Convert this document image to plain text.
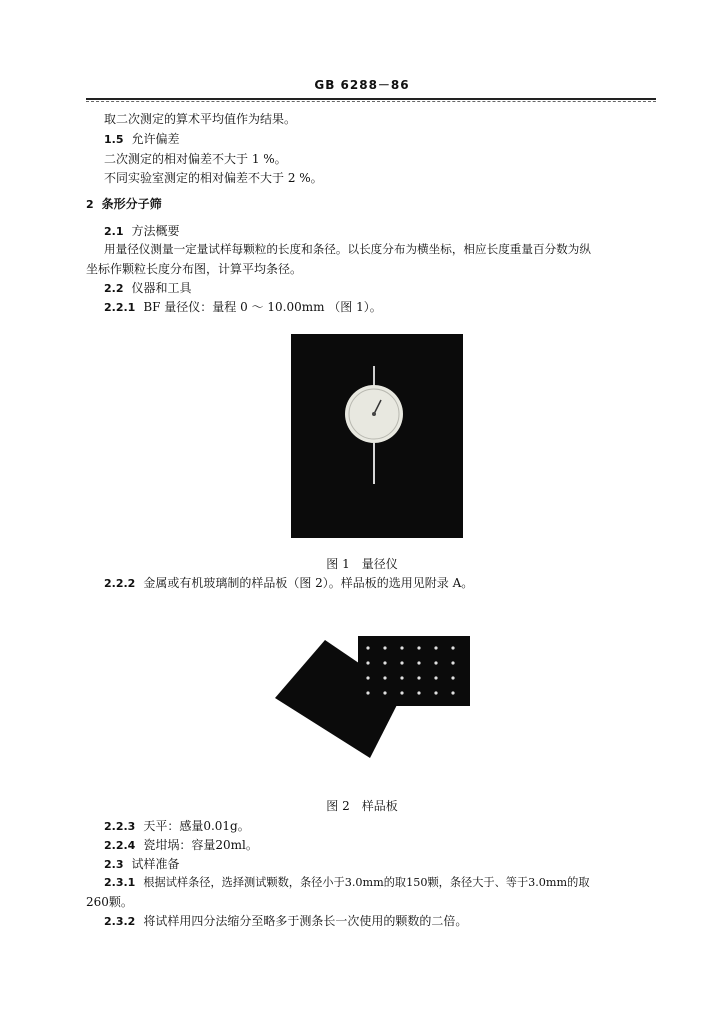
GB 6288－86
取二次测定的算术平均值作为结果。
1.5 允许偏差
二次测定的相对偏差不大于 1 %。
不同实验室测定的相对偏差不大于 2 %。
2 条形分子筛
2.1 方法概要
用量径仪测量一定量试样每颗粒的长度和条径。以长度分布为横坐标，相应长度重量百分数为纵
坐标作颗粒长度分布图，计算平均条径。
2.2 仪器和工具
2.2.1 BF 量径仪：量程 0 ～ 10.00mm （图 1）。
图 1　量径仪
2.2.2 金属或有机玻璃制的样品板（图 2）。样品板的选用见附录 A。
图 2　样品板
2.2.3 天平：感量0.01g。
2.2.4 瓷坩埚：容量20ml。
2.3 试样准备
2.3.1 根据试样条径，选择测试颗数，条径小于3.0mm的取150颗，条径大于、等于3.0mm的取
260颗。
2.3.2 将试样用四分法缩分至略多于测条长一次使用的颗数的二倍。
